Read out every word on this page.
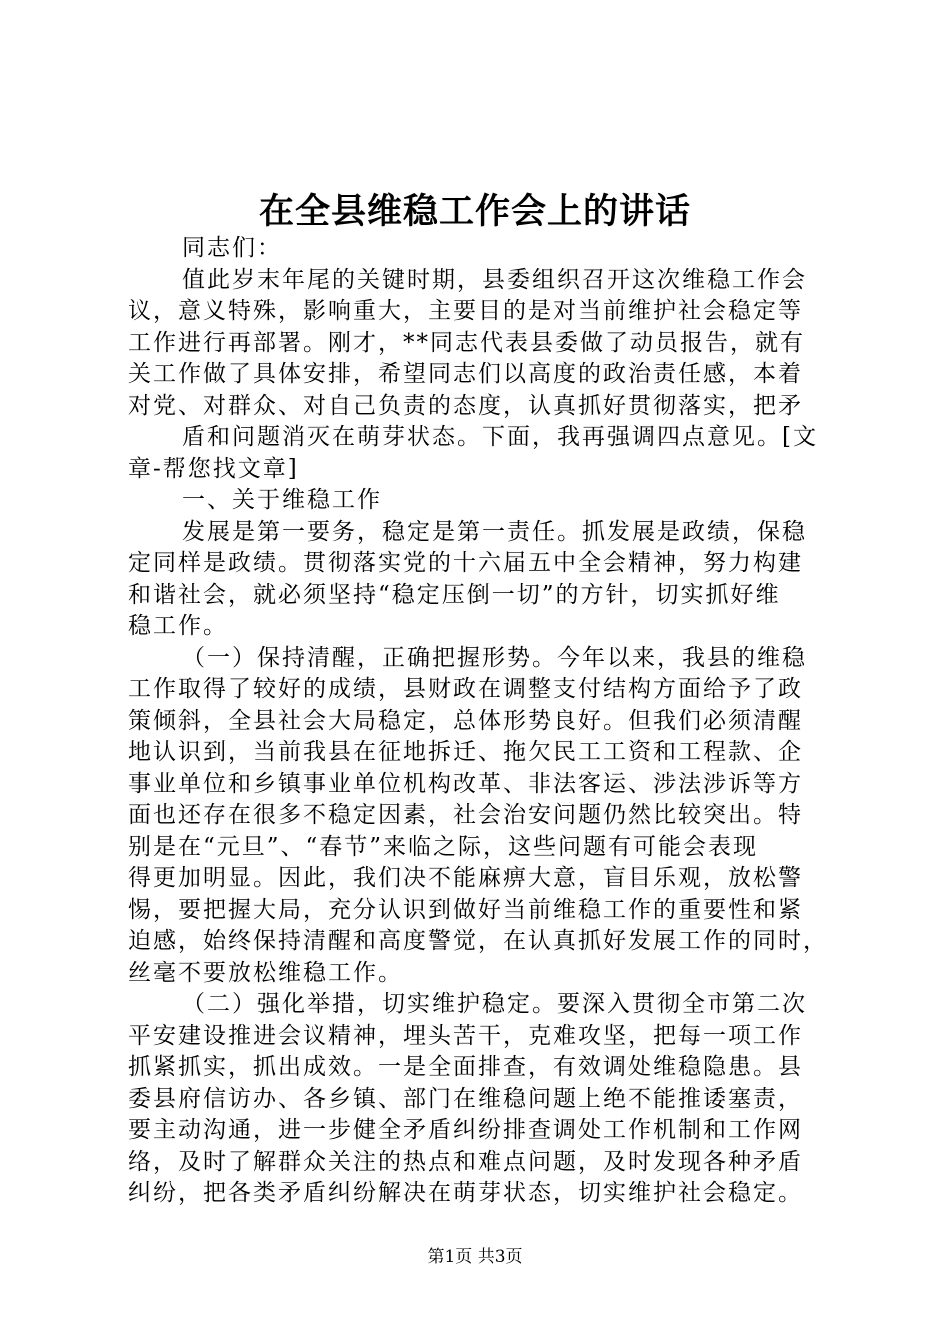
在全县维稳工作会上的讲话
同志们：
值此岁末年尾的关键时期，县委组织召开这次维稳工作会
议，意义特殊，影响重大，主要目的是对当前维护社会稳定等
工作进行再部署。刚才，**同志代表县委做了动员报告，就有
关工作做了具体安排，希望同志们以高度的政治责任感，本着
对党、对群众、对自己负责的态度，认真抓好贯彻落实，把矛
盾和问题消灭在萌芽状态。下面，我再强调四点意见。[文
章-帮您找文章]
一、关于维稳工作
发展是第一要务，稳定是第一责任。抓发展是政绩，保稳
定同样是政绩。贯彻落实党的十六届五中全会精神，努力构建
和谐社会，就必须坚持“稳定压倒一切”的方针，切实抓好维
稳工作。
（一）保持清醒，正确把握形势。今年以来，我县的维稳
工作取得了较好的成绩，县财政在调整支付结构方面给予了政
策倾斜，全县社会大局稳定，总体形势良好。但我们必须清醒
地认识到，当前我县在征地拆迁、拖欠民工工资和工程款、企
事业单位和乡镇事业单位机构改革、非法客运、涉法涉诉等方
面也还存在很多不稳定因素，社会治安问题仍然比较突出。特
别是在“元旦”、“春节”来临之际，这些问题有可能会表现
得更加明显。因此，我们决不能麻痹大意，盲目乐观，放松警
惕，要把握大局，充分认识到做好当前维稳工作的重要性和紧
迫感，始终保持清醒和高度警觉，在认真抓好发展工作的同时，
丝毫不要放松维稳工作。
（二）强化举措，切实维护稳定。要深入贯彻全市第二次
平安建设推进会议精神，埋头苦干，克难攻坚，把每一项工作
抓紧抓实，抓出成效。一是全面排查，有效调处维稳隐患。县
委县府信访办、各乡镇、部门在维稳问题上绝不能推诿塞责，
要主动沟通，进一步健全矛盾纠纷排查调处工作机制和工作网
络，及时了解群众关注的热点和难点问题，及时发现各种矛盾
纠纷，把各类矛盾纠纷解决在萌芽状态，切实维护社会稳定。
第1页 共3页
